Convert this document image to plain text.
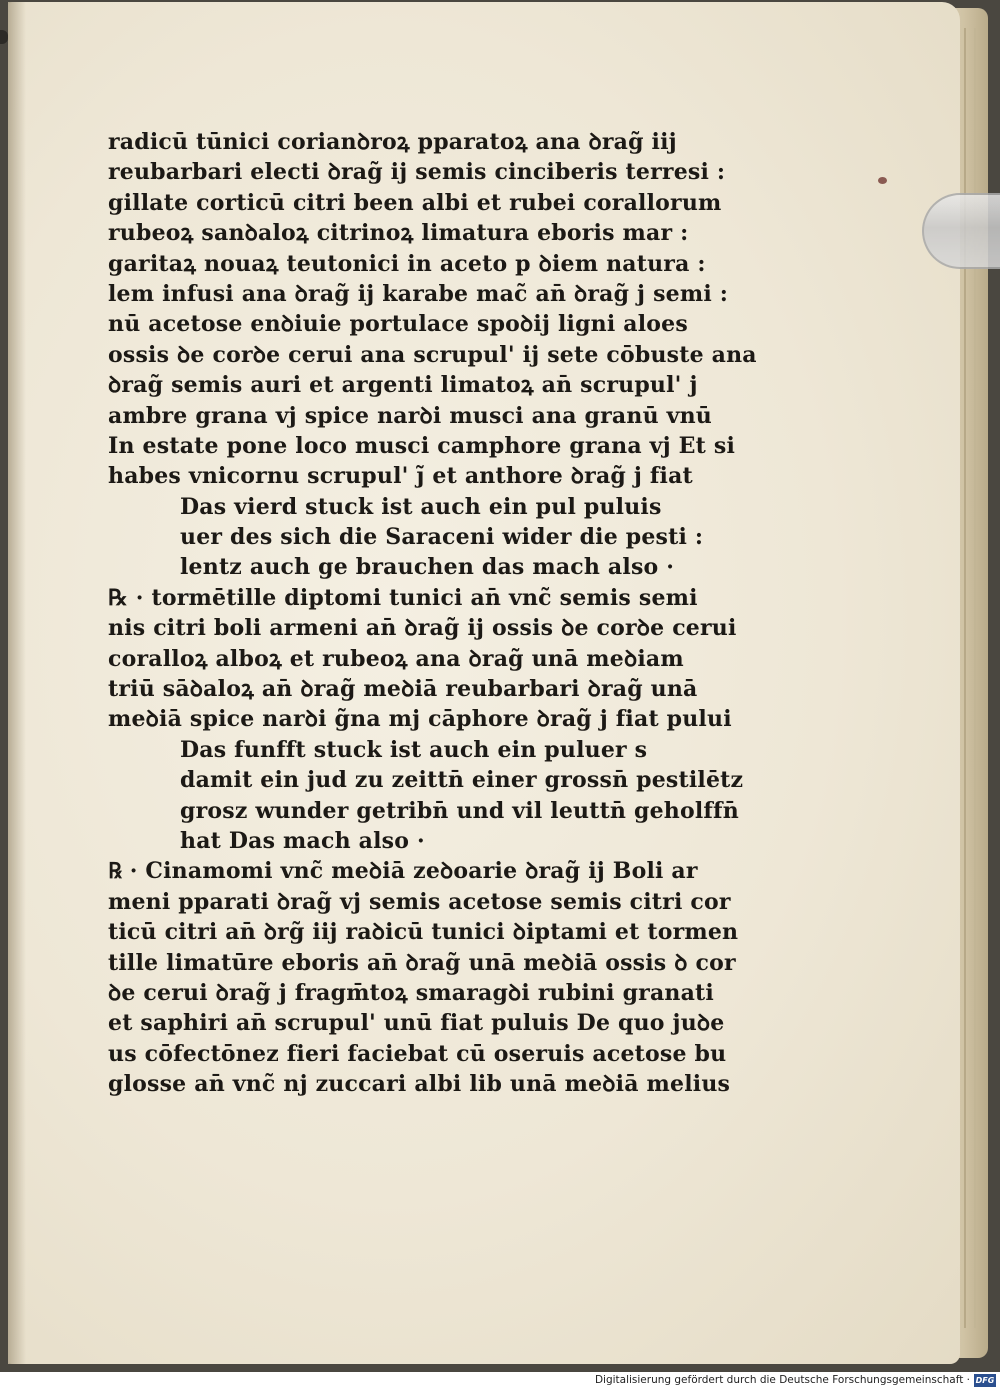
radicū tūnici corianꝺroꝝ pparatoꝝ ana ꝺrag̃ iij
reubarbari electi ꝺrag̃ ij semis cinciberis terresi :
gillate corticū citri been albi et rubei corallorum
rubeoꝝ sanꝺaloꝝ citrinoꝝ limatura eboris mar :
garitaꝝ nouaꝝ teutonici in aceto p ꝺiem natura :
lem infusi ana ꝺrag̃ ij karabe mac̃ an̄ ꝺrag̃ j semi :
nū acetose enꝺiuie portulace spoꝺij ligni aloes
ossis ꝺe corꝺe cerui ana scrupul' ij sete cōbuste ana
ꝺrag̃ semis auri et argenti limatoꝝ an̄ scrupul' j
ambre grana vj spice narꝺi musci ana granū vnū
In estate pone loco musci camphore grana vj Et si
habes vnicornu scrupul' j̃ et anthore ꝺrag̃ j fiat
Das vierd stuck ist auch ein pul puluis
uer des sich die Saraceni wider die pesti :
lentz auch ge brauchen das mach also ·
℞ · tormētille diptomi tunici an̄ vnc̃ semis semi
nis citri boli armeni an̄ ꝺrag̃ ij ossis ꝺe corꝺe cerui
coralloꝝ alboꝝ et rubeoꝝ ana ꝺrag̃ unā meꝺiam
triū sāꝺaloꝝ an̄ ꝺrag̃ meꝺiā reubarbari ꝺrag̃ unā
meꝺiā spice narꝺi g̃na mj cāphore ꝺrag̃ j fiat pului
Das funfft stuck ist auch ein puluer s
damit ein jud zu zeittn̄ einer grossn̄ pestilētz
grosz wunder getribn̄ und vil leuttn̄ geholffn̄
hat Das mach also ·
℞ · Cinamomi vnc̃ meꝺiā zeꝺoarie ꝺrag̃ ij Boli ar
meni pparati ꝺrag̃ vj semis acetose semis citri cor
ticū citri an̄ ꝺrg̃ iij raꝺicū tunici ꝺiptami et tormen
tille limatūre eboris an̄ ꝺrag̃ unā meꝺiā ossis ꝺ cor
ꝺe cerui ꝺrag̃ j fragm̄toꝝ smaragꝺi rubini granati
et saphiri an̄ scrupul' unū fiat puluis De quo juꝺe
us cōfectōnez fieri faciebat cū oseruis acetose bu
glosse an̄ vnc̃ nj zuccari albi lib unā meꝺiā melius
Digitalisierung gefördert durch die Deutsche Forschungsgemeinschaft · DFG
